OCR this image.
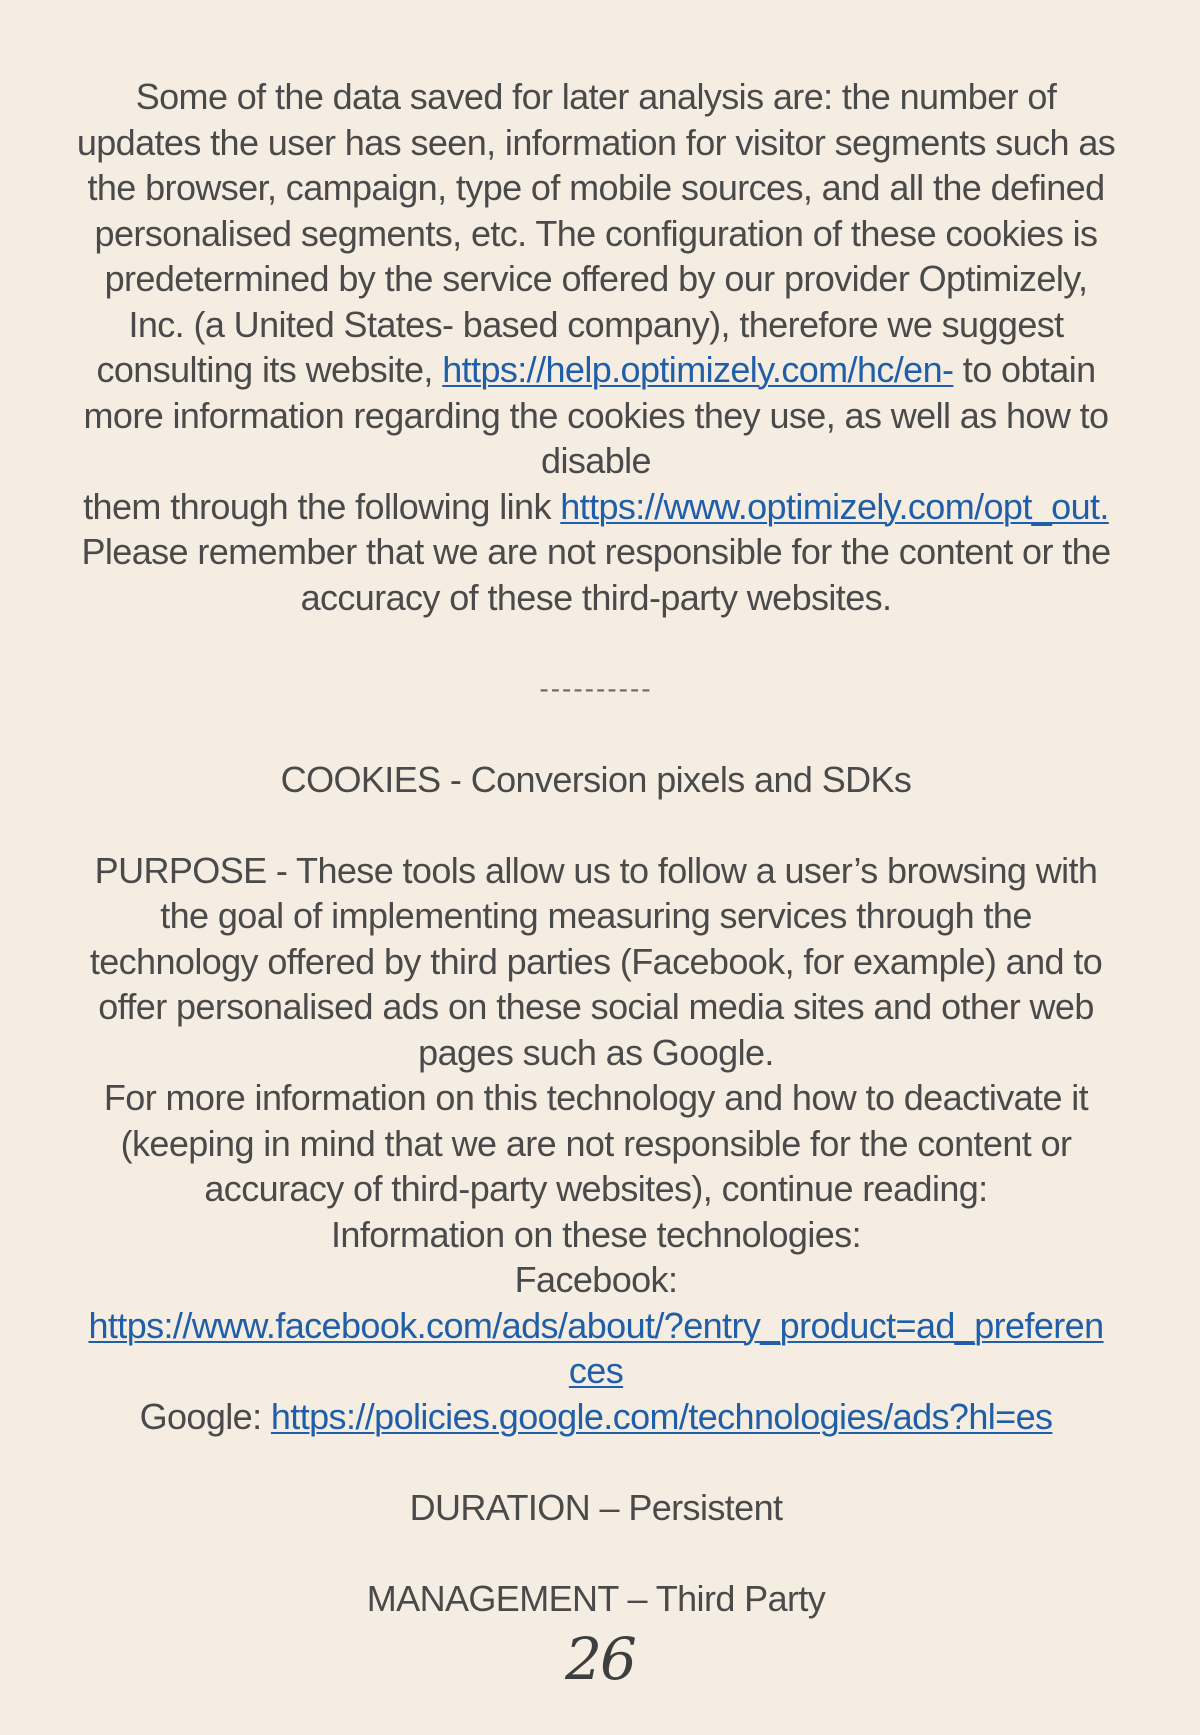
Some of the data saved for later analysis are: the number of
updates the user has seen, information for visitor segments such as
the browser, campaign, type of mobile sources, and all the defined
personalised segments, etc. The configuration of these cookies is
predetermined by the service offered by our provider Optimizely,
Inc. (a United States- based company), therefore we suggest
consulting its website, https://help.optimizely.com/hc/en- to obtain
more information regarding the cookies they use, as well as how to
disable
them through the following link https://www.optimizely.com/opt_out.
Please remember that we are not responsible for the content or the
accuracy of these third-party websites.
----------
COOKIES - Conversion pixels and SDKs
PURPOSE - These tools allow us to follow a user’s browsing with
the goal of implementing measuring services through the
technology offered by third parties (Facebook, for example) and to
offer personalised ads on these social media sites and other web
pages such as Google.
For more information on this technology and how to deactivate it
(keeping in mind that we are not responsible for the content or
accuracy of third-party websites), continue reading:
Information on these technologies:
Facebook:
https://www.facebook.com/ads/about/?entry_product=ad_preferen
ces
Google: https://policies.google.com/technologies/ads?hl=es
DURATION – Persistent
MANAGEMENT – Third Party
26
